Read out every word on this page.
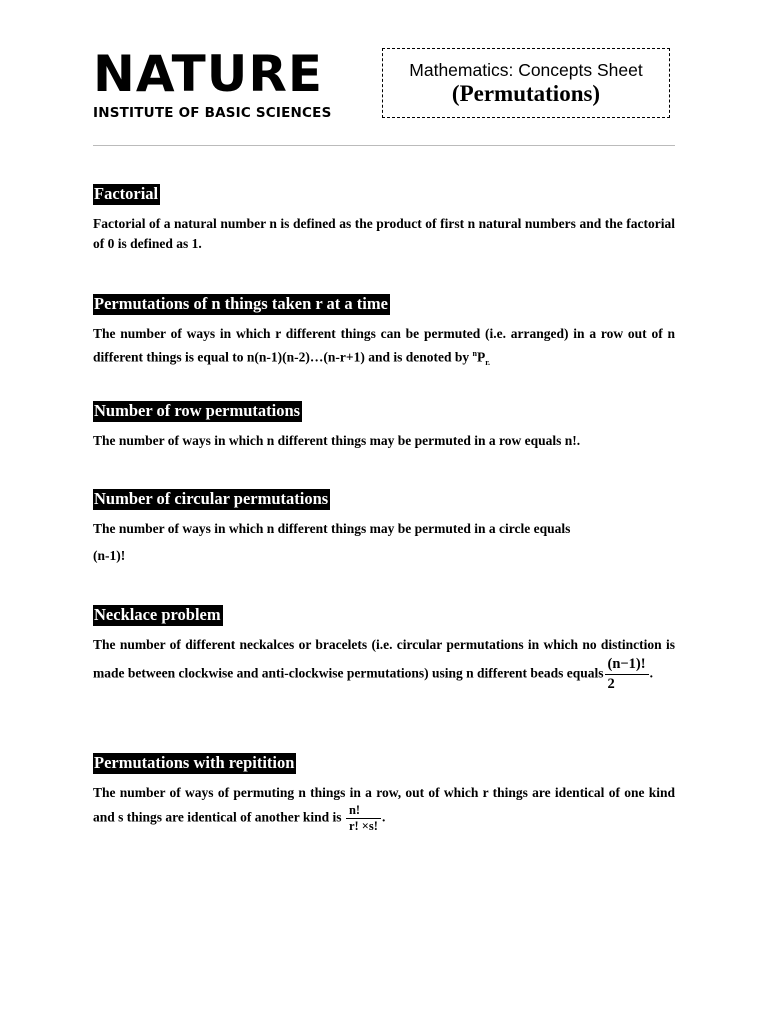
NATURE
INSTITUTE OF BASIC SCIENCES
Mathematics: Concepts Sheet
(Permutations)
Factorial
Factorial of a natural number n is defined as the product of first n natural numbers and the factorial of 0 is defined as 1.
Permutations of n things taken r at a time
The number of ways in which r different things can be permuted (i.e. arranged) in a row out of n different things is equal to n(n-1)(n-2)…(n-r+1) and is denoted by $^nP_{r.}$
Number of row permutations
The number of ways in which n different things may be permuted in a row equals n!.
Number of circular permutations
The number of ways in which n different things may be permuted in a circle equals
(n-1)!
Necklace problem
The number of different neckalces or bracelets (i.e. circular permutations in which no distinction is made between clockwise and anti-clockwise permutations) using n different beads equals $\frac{(n-1)!}{2}$ .
Permutations with repitition
The number of ways of permuting n things in a row, out of which r things are identical of one kind and s things are identical of another kind is $\frac{n!}{r! \times s!}$ .
